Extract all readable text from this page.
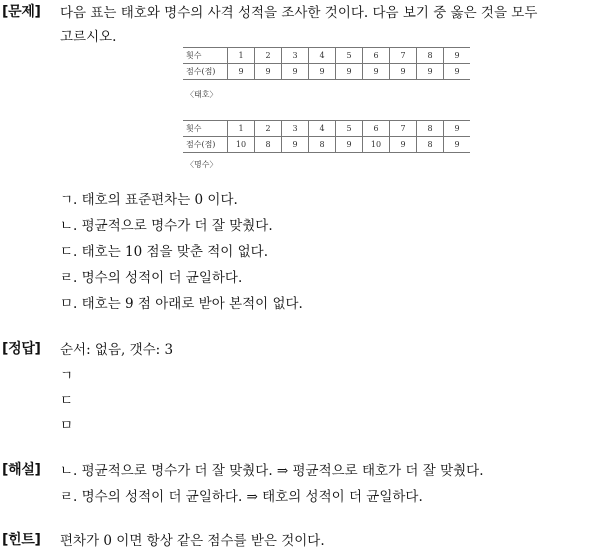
[문제] 다음 표는 태호와 명수의 사격 성적을 조사한 것이다. 다음 보기 중 옳은 것을 모두
고르시오.
횟수	1	2	3	4	5	6	7	8	9
점수(점)	9	9	9	9	9	9	9	9	9
〈태호〉
횟수	1	2	3	4	5	6	7	8	9
점수(점)	10	8	9	8	9	10	9	8	9
〈명수〉
ㄱ. 태호의 표준편차는 0 이다.
ㄴ. 평균적으로 명수가 더 잘 맞췄다.
ㄷ. 태호는 10 점을 맞춘 적이 없다.
ㄹ. 명수의 성적이 더 균일하다.
ㅁ. 태호는 9 점 아래로 받아 본적이 없다.
[정답] 순서: 없음, 갯수: 3
ㄱ
ㄷ
ㅁ
[해설] ㄴ. 평균적으로 명수가 더 잘 맞췄다. ⇒ 평균적으로 태호가 더 잘 맞췄다.
ㄹ. 명수의 성적이 더 균일하다. ⇒ 태호의 성적이 더 균일하다.
[힌트] 편차가 0 이면 항상 같은 점수를 받은 것이다.
